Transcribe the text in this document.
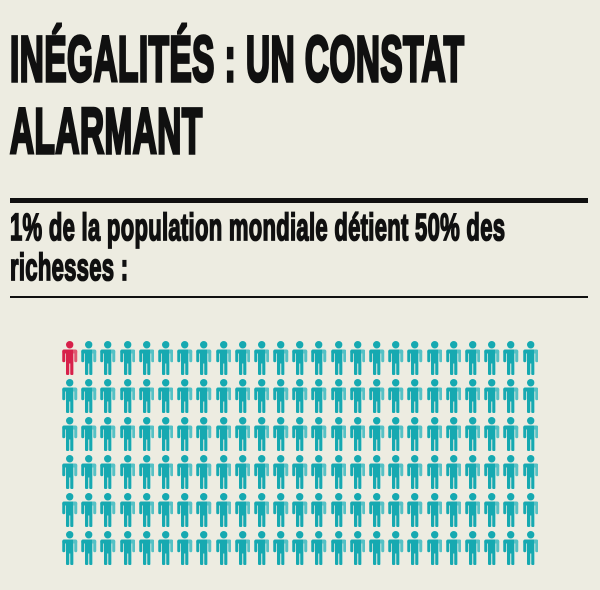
INÉGALITÉS : UN CONSTAT
ALARMANT
1% de la population mondiale détient 50% des
richesses :
